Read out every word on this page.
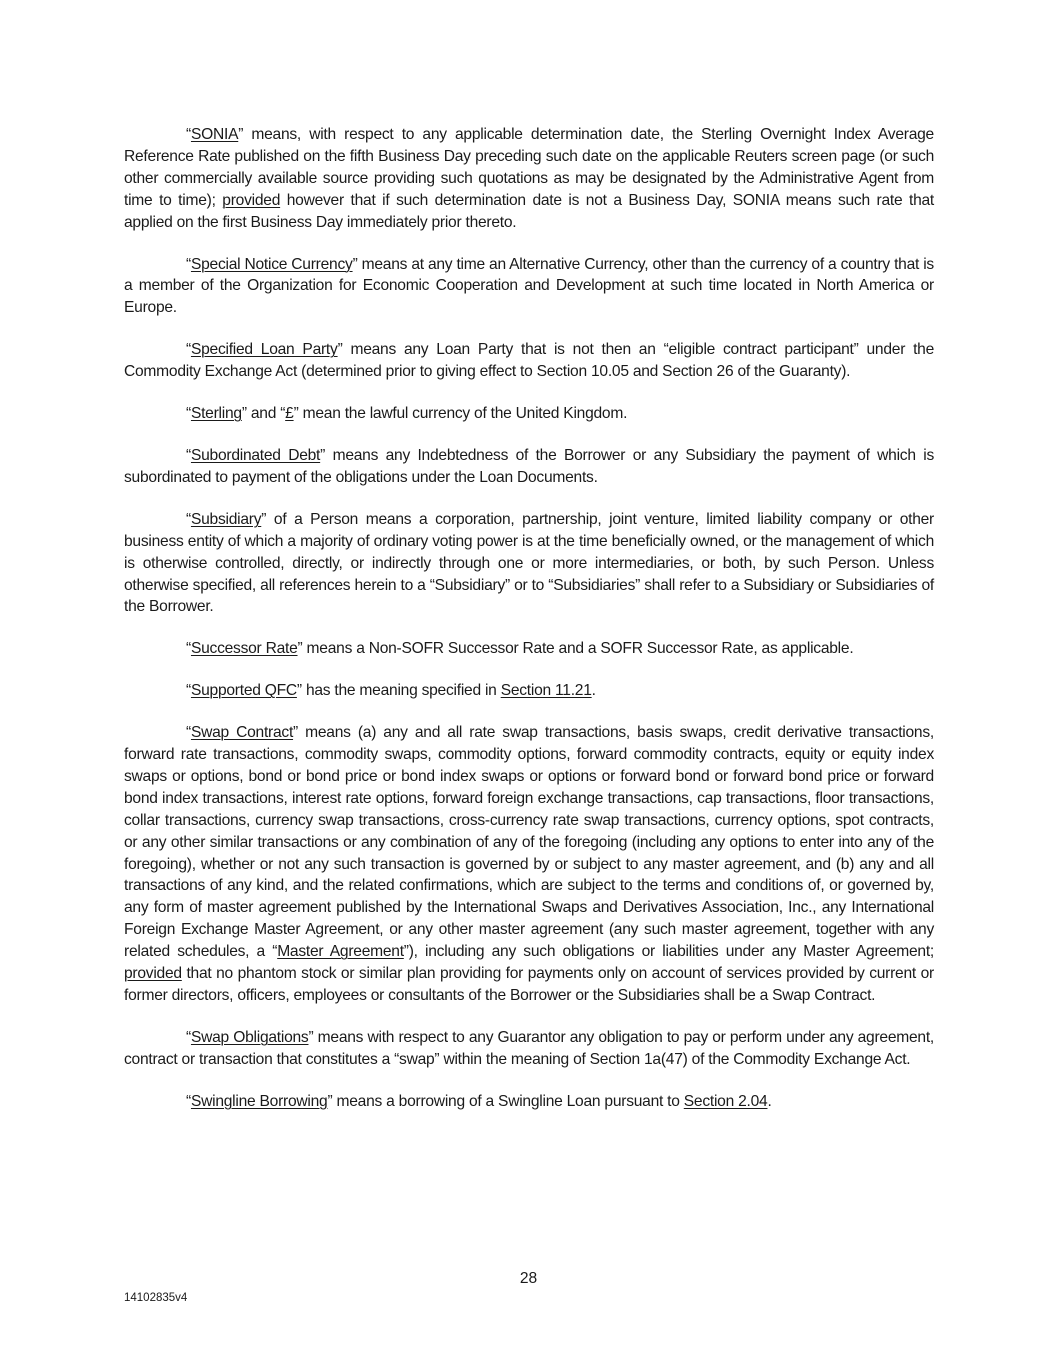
“SONIA” means, with respect to any applicable determination date, the Sterling Overnight Index Average Reference Rate published on the fifth Business Day preceding such date on the applicable Reuters screen page (or such other commercially available source providing such quotations as may be designated by the Administrative Agent from time to time); provided however that if such determination date is not a Business Day, SONIA means such rate that applied on the first Business Day immediately prior thereto.

“Special Notice Currency” means at any time an Alternative Currency, other than the currency of a country that is a member of the Organization for Economic Cooperation and Development at such time located in North America or Europe.

“Specified Loan Party” means any Loan Party that is not then an “eligible contract participant” under the Commodity Exchange Act (determined prior to giving effect to Section 10.05 and Section 26 of the Guaranty).

“Sterling” and “£” mean the lawful currency of the United Kingdom.

“Subordinated Debt” means any Indebtedness of the Borrower or any Subsidiary the payment of which is subordinated to payment of the obligations under the Loan Documents.

“Subsidiary” of a Person means a corporation, partnership, joint venture, limited liability company or other business entity of which a majority of ordinary voting power is at the time beneficially owned, or the management of which is otherwise controlled, directly, or indirectly through one or more intermediaries, or both, by such Person. Unless otherwise specified, all references herein to a “Subsidiary” or to “Subsidiaries” shall refer to a Subsidiary or Subsidiaries of the Borrower.

“Successor Rate” means a Non-SOFR Successor Rate and a SOFR Successor Rate, as applicable.

“Supported QFC” has the meaning specified in Section 11.21.

“Swap Contract” means (a) any and all rate swap transactions, basis swaps, credit derivative transactions, forward rate transactions, commodity swaps, commodity options, forward commodity contracts, equity or equity index swaps or options, bond or bond price or bond index swaps or options or forward bond or forward bond price or forward bond index transactions, interest rate options, forward foreign exchange transactions, cap transactions, floor transactions, collar transactions, currency swap transactions, cross-currency rate swap transactions, currency options, spot contracts, or any other similar transactions or any combination of any of the foregoing (including any options to enter into any of the foregoing), whether or not any such transaction is governed by or subject to any master agreement, and (b) any and all transactions of any kind, and the related confirmations, which are subject to the terms and conditions of, or governed by, any form of master agreement published by the International Swaps and Derivatives Association, Inc., any International Foreign Exchange Master Agreement, or any other master agreement (any such master agreement, together with any related schedules, a “Master Agreement”), including any such obligations or liabilities under any Master Agreement; provided that no phantom stock or similar plan providing for payments only on account of services provided by current or former directors, officers, employees or consultants of the Borrower or the Subsidiaries shall be a Swap Contract.

“Swap Obligations” means with respect to any Guarantor any obligation to pay or perform under any agreement, contract or transaction that constitutes a “swap” within the meaning of Section 1a(47) of the Commodity Exchange Act.

“Swingline Borrowing” means a borrowing of a Swingline Loan pursuant to Section 2.04.

28
14102835v4
